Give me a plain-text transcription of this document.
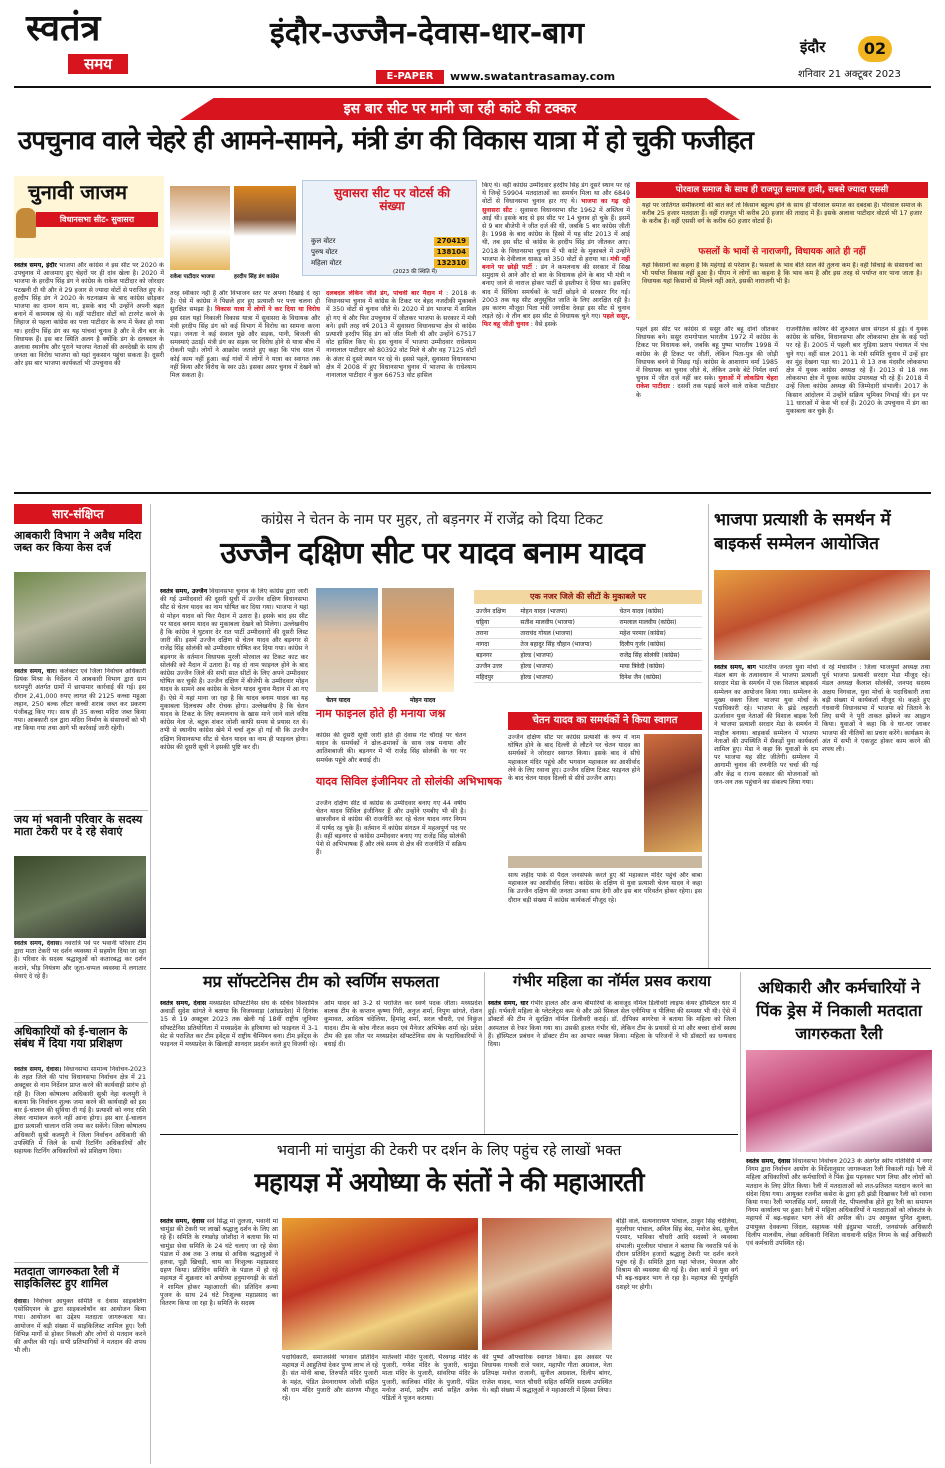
स्वतंत्र
समय
इंदौर-उज्जैन-देवास-धार-बाग
E-PAPER	www.swatantrasamay.com
इंदौर	02
शनिवार 21 अक्टूबर 2023
इस बार सीट पर मानी जा रही कांटे की टक्कर
उपचुनाव वाले चेहरे ही आमने-सामने, मंत्री डंग की विकास यात्रा में हो चुकी फजीहत
चुनावी जाजम
विधानसभा सीट- सुवासरा
स्वतंत्र समय, इंदौर भाजपा और कांग्रेस ने इस सीट पर 2020 के उपचुनाव में आजमाए हुए चेहरों पर ही दांव खेला है। 2020 में भाजपा के हरदीप सिंह डंग ने कांग्रेस के राकेश पाटीदार को जोरदार पटखनी दी थी और वे 29 हजार से ज्यादा वोटों से पराजित हुए थे। हरदीप सिंह डंग ने 2020 के घटनाक्रम के बाद कांग्रेस छोड़कर भाजपा का दामन थाम था, इसके बाद भी उन्होंने अपनी बढ़त बनाने में कामयाब रहे थे। वहीं पाटीदार वोटों को टारगेट करने के लिहाज से पहला कांग्रेस का पत्ता पाटीदार के रूप में फेंका हो गया था। हरदीप सिंह डंग का यह पांचवां चुनाव है और वे तीन बार के विधायक हैं। इस बार स्थिति अलग है क्योंकि डंग के दलबदल के अलावा स्थानीय और पुराने भाजपा नेताओं की अनदेखी के साथ ही जनता का विरोध भाजपा को यहां नुकसान पहुंचा सकता है। दूसरी ओर इस बार भाजपा कार्यकर्ता भी उपचुनाव की
राकेश पाटीदार भाजपा	हरदीप सिंह डंग कांग्रेस
सुवासरा सीट पर वोटर्स की संख्या
कुल वोटर	270419
पुरुष वोटर	138104
महिला वोटर	132310
(2023 की स्थिति में)
तरह स्वीकार नहीं हैं और विभाजन स्तर पर अपना दिखाई दे रहा है। ऐसे में कांग्रेस ने पिछले हार हुए प्रत्याशी पर पत्ता चलना ही सुरक्षित समझा है। विकास यात्रा में लोगों ने कर दिया था विरोध इस साल यहां निकाली विकास यात्रा में सुवासरा के विधायक और मंत्री हरदीप सिंह डंग को कई विभाग में विरोध का सामना करना पड़ा। जनता ने कई सवाल पूछे और सड़क, पानी, बिजली की समस्याएं उठाईं। मंत्री डंग का सड़क पर विरोध होने से यात्रा बीच में रोकनी पड़ी। लोगों ने आक्रोश जताते हुए कहा कि पांच साल में कोई काम नहीं हुआ। कई गांवों में लोगों ने यात्रा का स्वागत तक नहीं किया और विरोध के स्वर उठे। इसका असर चुनाव में देखने को मिल सकता है।
दलबदल लेकिन जीते डंग, पांचवीं बार मैदान में : 2018 के विधानसभा चुनाव में कांग्रेस के टिकट पर बेहद नजदीकी मुकाबले में 350 वोटों से चुनाव जीते थे। 2020 में डंग भाजपा में शामिल हो गए थे और फिर उपचुनाव में जीतकर भाजपा के सरकार में मंत्री बने। इसी तरह वर्ष 2013 में सुवासरा विधानसभा क्षेत्र से कांग्रेस प्रत्याशी हरदीप सिंह डंग को जीत मिली थी और उन्होंने 67517 वोट हासिल किए थे। इस चुनाव में भाजपा उम्मीदवार राधेश्याम नानालाल पाटीदार को 80392 वोट मिले थे और वह 7125 वोटों के अंतर से दूसरे स्थान पर रहे थे। इससे पहले, सुवासरा विधानसभा क्षेत्र में 2008 में हुए विधानसभा चुनाव में भाजपा के राधेश्याम नानालाल पाटीदार ने कुल 66753 वोट हासिल
किए थे। वहीं कांग्रेस उम्मीदवार हरदीप सिंह डंग दूसरे स्थान पर रहे थे जिन्हें 59904 मतदाताओं का समर्थन मिला था और 6849 वोटों से विधानसभा चुनाव हार गए थे। भाजपा का गढ़ रही सुवासरा सीट : सुवासरा विधानसभा सीट 1962 में अस्तित्व में आई थी। इसके बाद से इस सीट पर 14 चुनाव हो चुके हैं। इसमें से 9 बार बीजेपी ने जीत दर्ज की थी, जबकि 5 बार कांग्रेस जीती है। 1998 के बाद कांग्रेस के हिस्से में यह सीट 2013 में आई थी, तब इस सीट से कांग्रेस के हरदीप सिंह डंग जीतकर आए। 2018 के विधानसभा चुनाव में भी कांटे के मुकाबले में उन्होंने भाजपा के देवीलाल धाकड़ को 350 वोटों से हराया था। मंत्री नहीं बनाने पर छोड़ी पार्टी : डंग ने कमलनाथ की सरकार में सिख समुदाय से आने और दो बार के विधायक होने के बाद भी मंत्री न बनाए जाने से नाराज होकर पार्टी से इस्तीफा दे दिया था। इसलिए बाद में सिंधिया समर्थकों के पार्टी छोड़ने से सरकार गिर गई। 2003 तक यह सीट अनुसूचित जाति के लिए आरक्षित रही है। इस कारण मौजूदा पिता मंत्री जगदीश देवड़ा इस सीट से चुनाव लड़ते रहे। वे तीन बार इस सीट से विधायक चुने गए। पहले ससुर, फिर बहू जीती चुनाव : वैसे इसके
पोरवाल समाज के साथ ही राजपूत समाज हावी, सबसे ज्यादा एससी
यहां पर जातिगत समीकरणों की बात करें तो किसान बहुल्य होने के साथ ही पोरवाल समाज का दबदबा है। पोरवाल समाज के करीब 25 हजार मतदाता हैं। वहीं राजपूत भी करीब 20 हजार की तादाद में हैं। इसके अलावा पाटीदार वोटर्स भी 17 हजार के करीब हैं। वहीं एससी वर्ग के करीब 60 हजार वोटर्स हैं।
फसलों के भावों से नाराजगी, विधायक आते ही नहीं
यहां किसानों का कहना है कि महंगाई से परेशान हैं। फसलों के भाव बीते साल की तुलना कम हैं। वहीं सिंचाई के संसाधनों का भी पर्याप्त विकास नहीं हुआ है। पीएम ने लोगों का कहना है कि भाव कम है और इस तरह से पर्याप्त वार पाना जाता है। विधायक यहां किसानों से मिलने नहीं आते, इसकी नाराजगी भी है।
पहले इस सीट पर कांग्रेस से ससुर और बहू दोनों जीतकर विधायक बने। ससुर रामगोपाल भारतीय 1972 में कांग्रेस के टिकट पर विधायक बने, जबकि बहू पुष्पा भारतीय 1998 में कांग्रेस के ही टिकट पर जीतीं, लेकिन पिता-पुत्र की जोड़ी विधायक बनने से पिछड़ गई। कांग्रेस के आशाराम वर्मा 1985 में विधायक का चुनाव जीते थे, लेकिन उनके बेटे निर्मल वर्मा चुनाव में जीत दर्ज नहीं कर सके। युवाओं में लोकप्रिय चेहरा राकेश पाटीदार : दसवीं तक पढ़ाई करने वाले राकेश पाटीदार के
राजनीतिक करियर की शुरुआत छात्र संगठन से हुई। वे युवक कांग्रेस के सचिव, विधानसभा और लोकसभा क्षेत्र के कई पदों पर रहे हैं। 2005 में पहली बार गुड़िया प्रताप पंचायत में पंच चुने गए। वहीं साल 2011 के मंत्री समिति चुनाव में उन्हें हार का मुंह देखना पड़ा था। 2011 से 13 तक मंदसौर लोकसभा क्षेत्र में युवक कांग्रेस अध्यक्ष रहे हैं। 2013 से 18 तक लोकसभा क्षेत्र में युवक कांग्रेस उपाध्यक्ष भी रहे हैं। 2018 में उन्हें जिला कांग्रेस अध्यक्ष की जिम्मेदारी संभाली। 2017 के किसान आंदोलन में उन्होंने सक्रिय भूमिका निभाई थी। इन पर 11 धाराओं में केस भी दर्ज हैं। 2020 के उपचुनाव में डंग का मुकाबला कर चुके हैं।
सार-संक्षिप्त
आबकारी विभाग ने अवैध मदिरा जब्त कर किया केस दर्ज
स्वतंत्र समय, धार। कलेक्टर एवं जिला निर्वाचन अधिकारी प्रियंक मिश्रा के निर्देशन में आबकारी विभाग द्वारा ग्राम धरमपुरी अंतर्गत ग्रामों में छापामार कार्रवाई की गई। इस दौरान 2,41,000 रुपए लागत की 2125 कच्चा महुआ लहान, 250 बल्क लीटर कच्ची शराब जब्त कर प्रकरण पंजीबद्ध किए गए। साथ ही 35 कच्चा मदिरा जब्त किया गया। आबकारी दल द्वारा मदिरा निर्माण के संसाधनों को भी नष्ट किया गया तथा आगे भी कार्रवाई जारी रहेगी।
जय मां भवानी परिवार के सदस्य माता टेकरी पर दे रहे सेवाएं
स्वतंत्र समय, देवास। नवरात्रि पर्व पर भवानी परिवार टीम द्वारा माता टेकरी पर दर्शन व्यवस्था में सहयोग दिया जा रहा है। परिवार के सदस्य श्रद्धालुओं को कतारबद्ध कर दर्शन कराने, भीड़ नियंत्रण और जूता-चप्पल व्यवस्था में लगातार सेवाएं दे रहे हैं।
अधिकारियों को ई-चालान के संबंध में दिया गया प्रशिक्षण
स्वतंत्र समय, देवास। विधानसभा सामान्य निर्वाचन-2023 के तहत जिले की पांच विधानसभा निर्वाचन क्षेत्र में 21 अक्टूबर से नाम निर्देशन प्राप्त करने की कार्यवाही प्रारंभ हो रही है। जिला कोषालय अधिकारी सुश्री नेहा कलमुरी ने बताया कि निर्वाचन शुल्क जमा करने की कार्यवाही को इस बार ई-चालान की सुविधा दी गई है। प्रत्याशी को नगद राशि लेकर नामांकन करने नहीं आना होगा। इस बार ई-चालान द्वारा प्रत्याशी चालान राशि जमा कर सकेंगे। जिला कोषालय अधिकारी सुश्री कलमुरी ने जिला निर्वाचन अधिकारी की उपस्थिति में जिले के सभी रिटर्निंग अधिकारियों और सहायक रिटर्निंग अधिकारियों को प्रशिक्षण दिया।
मतदाता जागरुकता रैली में साइकिलिस्ट हुए शामिल
देवास। निर्वाचन आयुक्त समिति व देवास साइकलिंग एसोसिएशन के द्वारा साइकलोथॉन का आयोजन किया गया। आयोजन का उद्देश्य मतदाता जागरूकता था। आयोजन में बड़ी संख्या में साइकिलिस्ट शामिल हुए। रैली विभिन्न मार्गों से होकर निकली और लोगों से मतदान करने की अपील की गई। सभी प्रतिभागियों ने मतदान की शपथ भी ली।
कांग्रेस ने चेतन के नाम पर मुहर, तो बड़नगर में राजेंद्र को दिया टिकट
उज्जैन दक्षिण सीट पर यादव बनाम यादव
स्वतंत्र समय, उज्जैन विधानसभा चुनाव के लिए कांग्रेस द्वारा जारी की गई उम्मीदवारों की दूसरी सूची में उज्जैन दक्षिण विधानसभा सीट से चेतन यादव का नाम घोषित कर दिया गया। भाजपा ने यहां से मोहन यादव को फिर मैदान में उतारा है। इसके बाद इस सीट पर यादव बनाम यादव का मुकाबला देखने को मिलेगा। उल्लेखनीय है कि कांग्रेस ने घुटवार देर रात पार्टी उम्मीदवारों की दूसरी लिस्ट जारी की। इसमें उज्जैन दक्षिण से चेतन यादव और बड़नगर से राजेंद्र सिंह सोलंकी को उम्मीदवार घोषित कर दिया गया। कांग्रेस ने बड़नगर के वर्तमान विधायक मुरली मोरवाल का टिकट काट कर सोलंकी को मैदान में उतारा है। यह दो नाम फाइनल होने के बाद कांग्रेस उज्जैन जिले की सभी सात सीटों के लिए अपने उम्मीदवार घोषित कर चुकी है। उज्जैन दक्षिण में बीजेपी के उम्मीदवार मोहन यादव के सामने अब कांग्रेस के चेतन यादव चुनाव मैदान में आ गए हैं। ऐसे में यहां माना जा रहा है कि यादव बनाम यादव का यह मुकाबला दिलचस्प और रोचक होगा। उल्लेखनीय है कि चेतन यादव के टिकट के लिए कमलनाथ के खास माने जाने वाले वरिष्ठ कांग्रेस नेता जे. बटुक शंकर जोशी काफी समय से प्रयास रत थे। तभी से स्थानीय कांग्रेस खेमे में चर्चा शुरू हो गई थी कि उज्जैन दक्षिण विधानसभा सीट से चेतन यादव का नाम ही फाइनल होगा। कांग्रेस की दूसरी सूची ने इसकी पुष्टि कर दी।
चेतन यादव	मोहन यादव
नाम फाइनल होते ही मनाया जश्न
कांग्रेस की दूसरी सूची जारी होते ही देवास गेट चौराहे पर चेतन यादव के समर्थकों ने ढोल-ढमाकों के साथ जश्न मनाया और आतिशबाजी की। बड़नगर में भी राजेंद्र सिंह सोलंकी के घर पर समर्थक पहुंचे और बधाई दी।
यादव सिविल इंजीनियर तो सोलंकी अभिभाषक
उज्जैन दक्षिण सीट से कांग्रेस के उम्मीदवार बनाए गए 44 वर्षीय चेतन यादव सिविल इंजीनियर हैं और उन्होंने एमबीए भी की है। छात्रजीवन से कांग्रेस की राजनीति कर रहे चेतन यादव नगर निगम में पार्षद रह चुके हैं। वर्तमान में कांग्रेस संगठन में महत्वपूर्ण पद पर हैं। वहीं बड़नगर से कांग्रेस उम्मीदवार बनाए गए राजेंद्र सिंह सोलंकी पेशे से अभिभाषक हैं और लंबे समय से क्षेत्र की राजनीति में सक्रिय हैं।
एक नजर जिले की सीटों के मुकाबले पर
उज्जैन दक्षिण	मोहन यादव (भाजपा)	चेतन यादव (कांग्रेस)
घट्टिया	सतीश मालवीय (भाजपा)	रामलाल मालवीय (कांग्रेस)
तराना	ताराचंद गोयल (भाजपा)	महेश परमार (कांग्रेस)
नागदा	तेज बहादुर सिंह चौहान (भाजपा)	दिलीप गुर्जर (कांग्रेस)
बड़नगर	होल्ड (भाजपा)	राजेंद्र सिंह सोलंकी (कांग्रेस)
उज्जैन उत्तर	होल्ड (भाजपा)	माया त्रिवेदी (कांग्रेस)
महिदपुर	होल्ड (भाजपा)	दिनेश जैन (कांग्रेस)
चेतन यादव का समर्थकों ने किया स्वागत
उज्जैन दक्षिण सीट पर कांग्रेस प्रत्याशी के रूप में नाम घोषित होने के बाद दिल्ली से लौटने पर चेतन यादव का समर्थकों ने जोरदार स्वागत किया। इसके बाद वे सीधे महाकाल मंदिर पहुंचे और भगवान महाकाल का आशीर्वाद लेने के लिए रवाना हुए। उज्जैन दक्षिण टिकट फाइनल होने के बाद चेतन यादव दिल्ली से सीधे उज्जैन आए।
साथ शहीद पार्क से पैदल जनसंपर्क करते हुए श्री महाकाल मंदिर पहुंचे और बाबा महाकाल का आशीर्वाद लिया। कांग्रेस के दक्षिण से युवा प्रत्याशी चेतन यादव ने कहा कि उज्जैन दक्षिण की जनता उनका साथ देगी और इस बार परिवर्तन होकर रहेगा। इस दौरान बड़ी संख्या में कांग्रेस कार्यकर्ता मौजूद रहे।
भाजपा प्रत्याशी के समर्थन में बाइकर्स सम्मेलन आयोजित
स्वतंत्र समय, बाग भारतीय जनता युवा मोर्चा मंडल बाग के तत्वावधान में भाजपा प्रत्याशी सरदार मेडा के समर्थन में एक विशाल बाइकर्स सम्मेलन का आयोजन किया गया। सम्मेलन के मुख्य वक्ता जिला भाजपा युवा मोर्चा के पदाधिकारी रहे। भाजपा के झंडे लहराती ऊर्जावान युवा नेताओं की विशाल बाइक रैली ने भाजपा प्रत्याशी सरदार मेडा के समर्थन में माहौल बनाया। बाइकर्स सम्मेलन में भाजपा नेताओं की उपस्थिति में सैकड़ों युवा कार्यकर्ता शामिल हुए। मेडा ने कहा कि युवाओं के दम पर भाजपा यह सीट जीतेगी। सम्मेलन में आगामी चुनाव की रणनीति पर चर्चा की गई और केंद्र व राज्य सरकार की योजनाओं को जन-जन तक पहुंचाने का संकल्प लिया गया।
वे रहे मंचासीन : जिला भाजयुमो अध्यक्ष तथा पूर्व भाजपा प्रत्याशी सरदार मेडा मौजूद रहे। मंडल अध्यक्ष कैलाश सोलंकी, जनपद सदस्य अक्षय निगवाल, युवा मोर्चा के पदाधिकारी तथा बड़ी संख्या में कार्यकर्ता मौजूद थे। कहते हुए गंधवानी विधानसभा में भाजपा को जिताने के लिए सभी ने पूरी ताकत झोंकने का आह्वान किया। युवाओं ने कहा कि वे घर-घर जाकर भाजपा की नीतियों का प्रचार करेंगे। कार्यक्रम के अंत में सभी ने एकजुट होकर काम करने की शपथ ली।
मप्र सॉफ्टटेनिस टीम को स्वर्णिम सफलता
स्वतंत्र समय, देवास मध्यप्रदेश सॉफ्टटेनिस संघ के सचिव विश्वामित्र अवार्डी सुदेश सांगते ने बताया कि विजयवाड़ा (आंध्रप्रदेश) में दिनांक 15 से 19 अक्टूबर 2023 तक खेली गई 18वीं राष्ट्रीय जूनियर सॉफ्टटेनिस प्रतियोगिता में मध्यप्रदेश के हरियाणा को फाइनल में 3-1 सेट से पराजित कर टीम इवेंट्स में राष्ट्रीय चैम्पियन बना। टीम इवेंट्स के फाइनल में मध्यप्रदेश के खिलाड़ी शानदार प्रदर्शन करते हुए विजयी रहे।
ओम यादव को 3-2 से पराजित कर स्वर्ण पदक जीता। मध्यप्रदेश बालक टीम के कप्तान कृष्णा गिरी, अनुज शर्मा, निपुण सांगते, रोशन कुमावत, आदित्य चंदेलिया, हिमांशु शर्मा, सरल चौधरी, एवं निकुंज यादव। टीम के कोच नीरज कदम एवं मैनेजर अभिषेक शर्मा रहे। प्रदेश टीम की इस जीत पर मध्यप्रदेश सॉफ्टटेनिस संघ के पदाधिकारियों ने बधाई दी।
गंभीर महिला का नॉर्मल प्रसव कराया
स्वतंत्र समय, धार गंभीर हालत और अन्य बीमारियों के बावजूद नॉर्मल डिलीवरी लाइफ केयर हॉस्पिटल धार में हुई। गर्भवती महिला के प्लेटलेट्स कम थे और उसे सिकल सेल एनीमिया व पीलिया की समस्या भी थी। ऐसे में डॉक्टरों की टीम ने सुरक्षित नॉर्मल डिलीवरी कराई। डॉ. दीपिका बागरेचा ने बताया कि महिला को जिला अस्पताल से रेफर किया गया था। उसकी हालत गंभीर थी, लेकिन टीम के प्रयासों से मां और बच्चा दोनों स्वस्थ हैं। हॉस्पिटल प्रबंधन ने डॉक्टर टीम का आभार व्यक्त किया। महिला के परिजनों ने भी डॉक्टरों का धन्यवाद दिया।
अधिकारी और कर्मचारियों ने पिंक ड्रेस में निकाली मतदाता जागरुकता रैली
भवानी मां चामुंडा की टेकरी पर दर्शन के लिए पहुंच रहे लाखों भक्त
महायज्ञ में अयोध्या के संतों ने की महाआरती
स्वतंत्र समय, देवास सर्व सिद्ध मां तुलजा, भवानी मां चामुंडा की टेकरी पर लाखों श्रद्धालु दर्शन के लिए आ रहे हैं। समिति के रणछोड़ जोशीदा ने बताया कि मां चामुंडा सेवा समिति के 24 घंटे चलाए जा रहे सेवा पंडाल में अब तक 3 लाख से अधिक श्रद्धालुओं ने हलवा, पूड़ी खिचड़ी, चाय का निःशुल्क महाप्रसाद ग्रहण किया। प्रतिदिन समिति के पंडाल में हो रहे महायज्ञ में शुक्रवार को अयोध्या हनुमानगढ़ी के संतों ने शामिल होकर महाआरती की। प्रतिदिन कन्या पूजन के साथ 24 घंटे निःशुल्क महाप्रसाद का वितरण किया जा रहा है। समिति के सदस्य
पदाधिकारी, समाजसेवी भगवान प्रतिदिन महायज्ञ में आहुतियां देकर पुण्य लाभ ले रहे हैं। संत मोनी बाबा, तिरुपति मंदिर पुजारी के महंत, पंडित प्रेमनारायण जोशी सहित श्री राम मंदिर पुजारी और संतगण मौजूद रहे।
मातेश्वरी मंदिर पुजारी, भैरवगढ़ मंदिर के पुजारी, गणेश मंदिर के पुजारी, चामुंडा माता मंदिर के पुजारी, सांवरिया मंदिर के पुजारी, कालिका मंदिर के पुजारी, पंडित मनोज शर्मा, प्रदीप शर्मा सहित अनेक पंडितों ने पूजन कराया।
की पुष्पों औपचारिक स्वागत किया। इस अवसर पर विधायक गायत्री राजे पवार, महापौर गीता अग्रवाल, नेता प्रतिपक्ष मनोज राजानी, सुनील अग्रवाल, दिलीप बांगर, राजेश यादव, भरत चौधरी सहित समिति सदस्य उपस्थित थे। बड़ी संख्या में श्रद्धालुओं ने महाआरती में हिस्सा लिया।
बीड़ी वाले, सत्यनारायण पांचाल, ठाकुर सिंह चंदेलिया, मुरलीधर पांचाल, अनिल सिंह बेस, मनोज बेस, सुनील परमार, भाविका चौधरी आदि सदस्यों ने व्यवस्था संभाली। मुरलीधर पांचाल ने बताया कि नवरात्रि पर्व के दौरान प्रतिदिन हजारों श्रद्धालु टेकरी पर दर्शन करने पहुंच रहे हैं। समिति द्वारा यहां भोजन, पेयजल और विश्राम की व्यवस्था की गई है। सेवा कार्य में युवा वर्ग भी बढ़-चढ़कर भाग ले रहा है। महायज्ञ की पूर्णाहुति दशहरे पर होगी।
स्वतंत्र समय, देवास विधानसभा निर्वाचन 2023 के अंतर्गत स्वीप गतिविधि में नगर निगम द्वारा निर्वाचन आयोग के निर्देशानुसार जागरूकता रैली निकाली गई। रैली में महिला अधिकारियों और कर्मचारियों ने पिंक ड्रेस पहनकर भाग लिया और लोगों को मतदान के लिए प्रेरित किया। रैली में मतदाताओं को शत-प्रतिशत मतदान करने का संदेश दिया गया। आयुक्त रजनीश कसेरा के द्वारा हरी झंडी दिखाकर रैली को रवाना किया गया। रैली भगतसिंह मार्ग, सयाजी गेट, पीपलचौक होते हुए रैली का समापन निगम कार्यालय पर हुआ। रैली में महिला अधिकारियों ने मतदाताओं को लोकतंत्र के महापर्व में बढ़-चढ़कर भाग लेने की अपील की। उप आयुक्त पुनित शुक्ला, उपायुक्त देवकन्या जिंदल, सहायक यंत्री इंदुप्रभा भारती, जनसंपर्क अधिकारी दिलीप मालवीय, लेखा अधिकारी निशिता वाधवानी सहित निगम के कई अधिकारी एवं कर्मचारी उपस्थित रहे।
